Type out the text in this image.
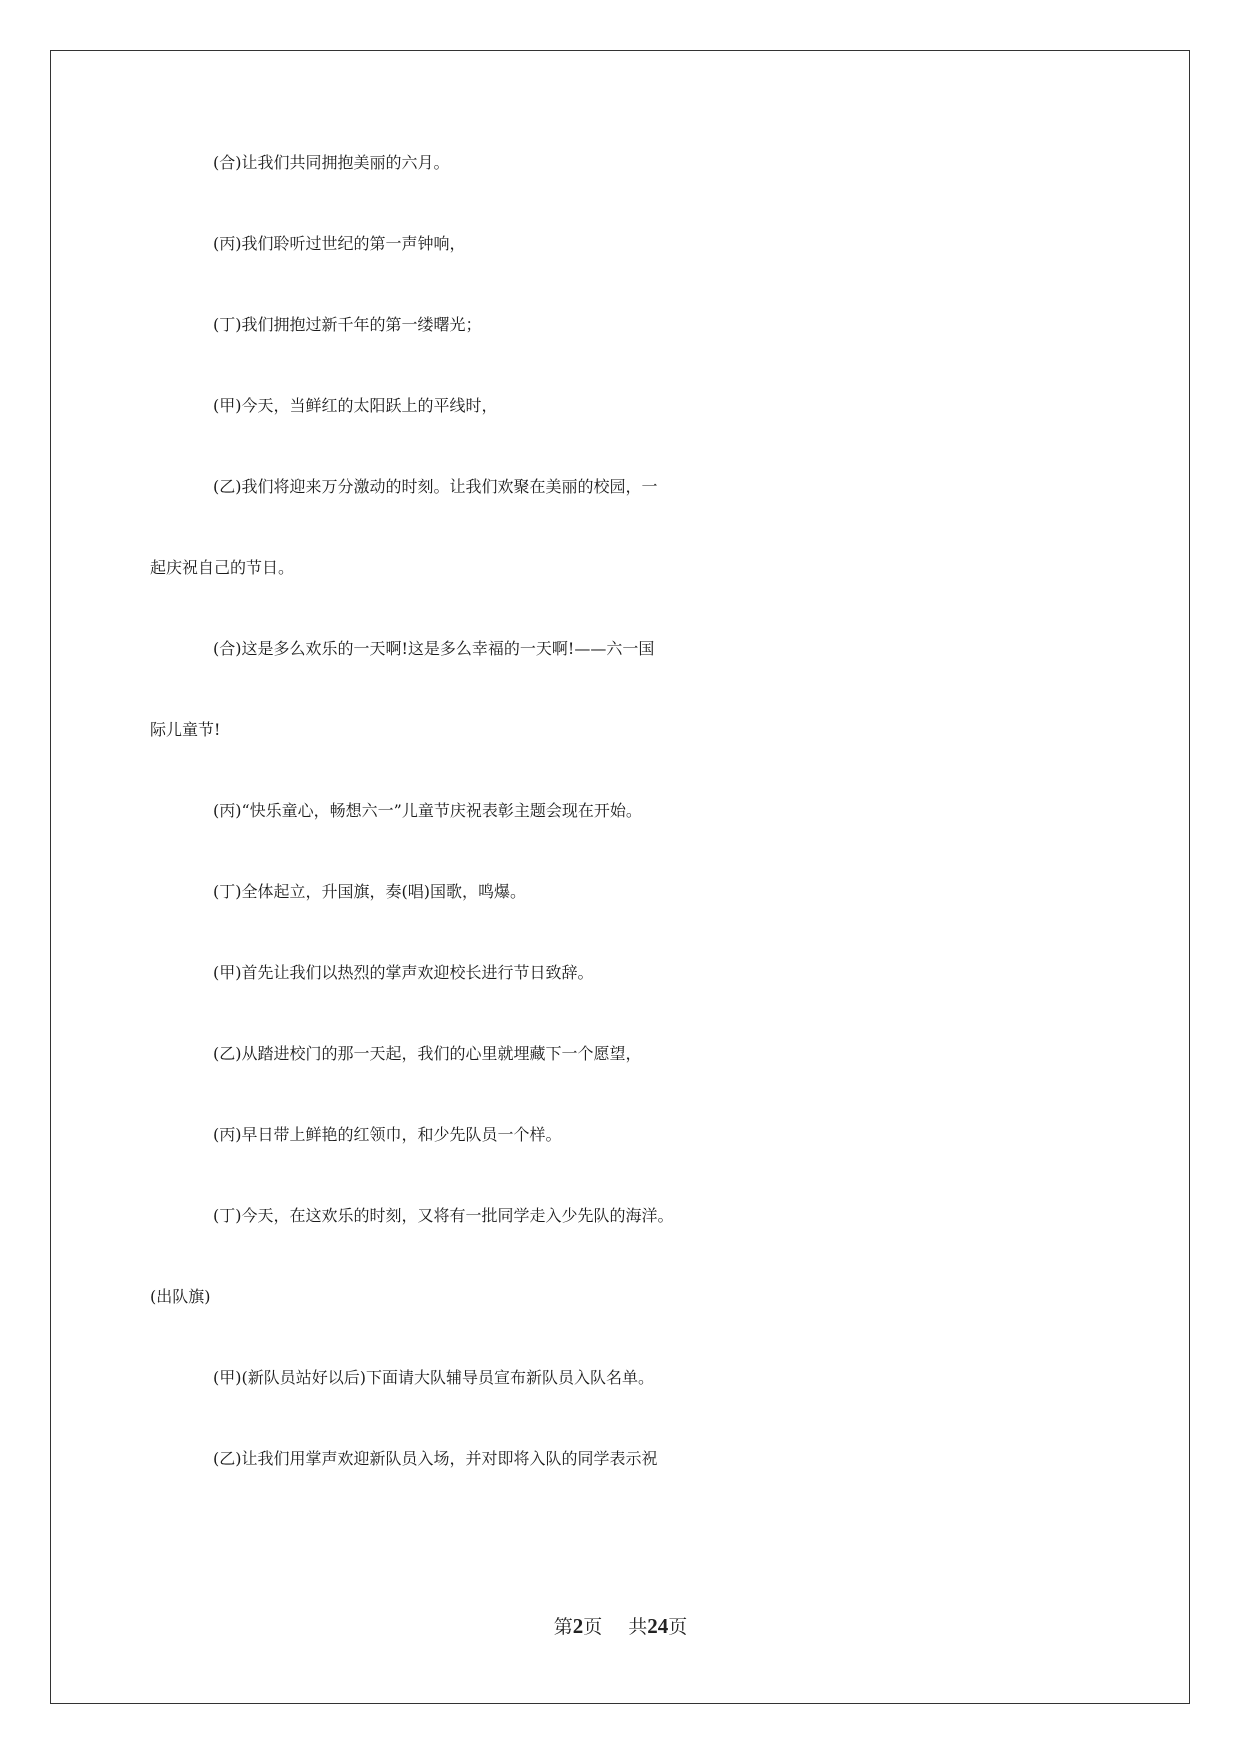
(合)让我们共同拥抱美丽的六月。
(丙)我们聆听过世纪的第一声钟响，
(丁)我们拥抱过新千年的第一缕曙光；
(甲)今天，当鲜红的太阳跃上的平线时，
(乙)我们将迎来万分激动的时刻。让我们欢聚在美丽的校园，一
起庆祝自己的节日。
(合)这是多么欢乐的一天啊!这是多么幸福的一天啊!——六一国
际儿童节!
(丙)“快乐童心，畅想六一”儿童节庆祝表彰主题会现在开始。
(丁)全体起立，升国旗，奏(唱)国歌，鸣爆。
(甲)首先让我们以热烈的掌声欢迎校长进行节日致辞。
(乙)从踏进校门的那一天起，我们的心里就埋藏下一个愿望，
(丙)早日带上鲜艳的红领巾，和少先队员一个样。
(丁)今天，在这欢乐的时刻，又将有一批同学走入少先队的海洋。
(出队旗)
(甲)(新队员站好以后)下面请大队辅导员宣布新队员入队名单。
(乙)让我们用掌声欢迎新队员入场，并对即将入队的同学表示祝
第2页 共24页
